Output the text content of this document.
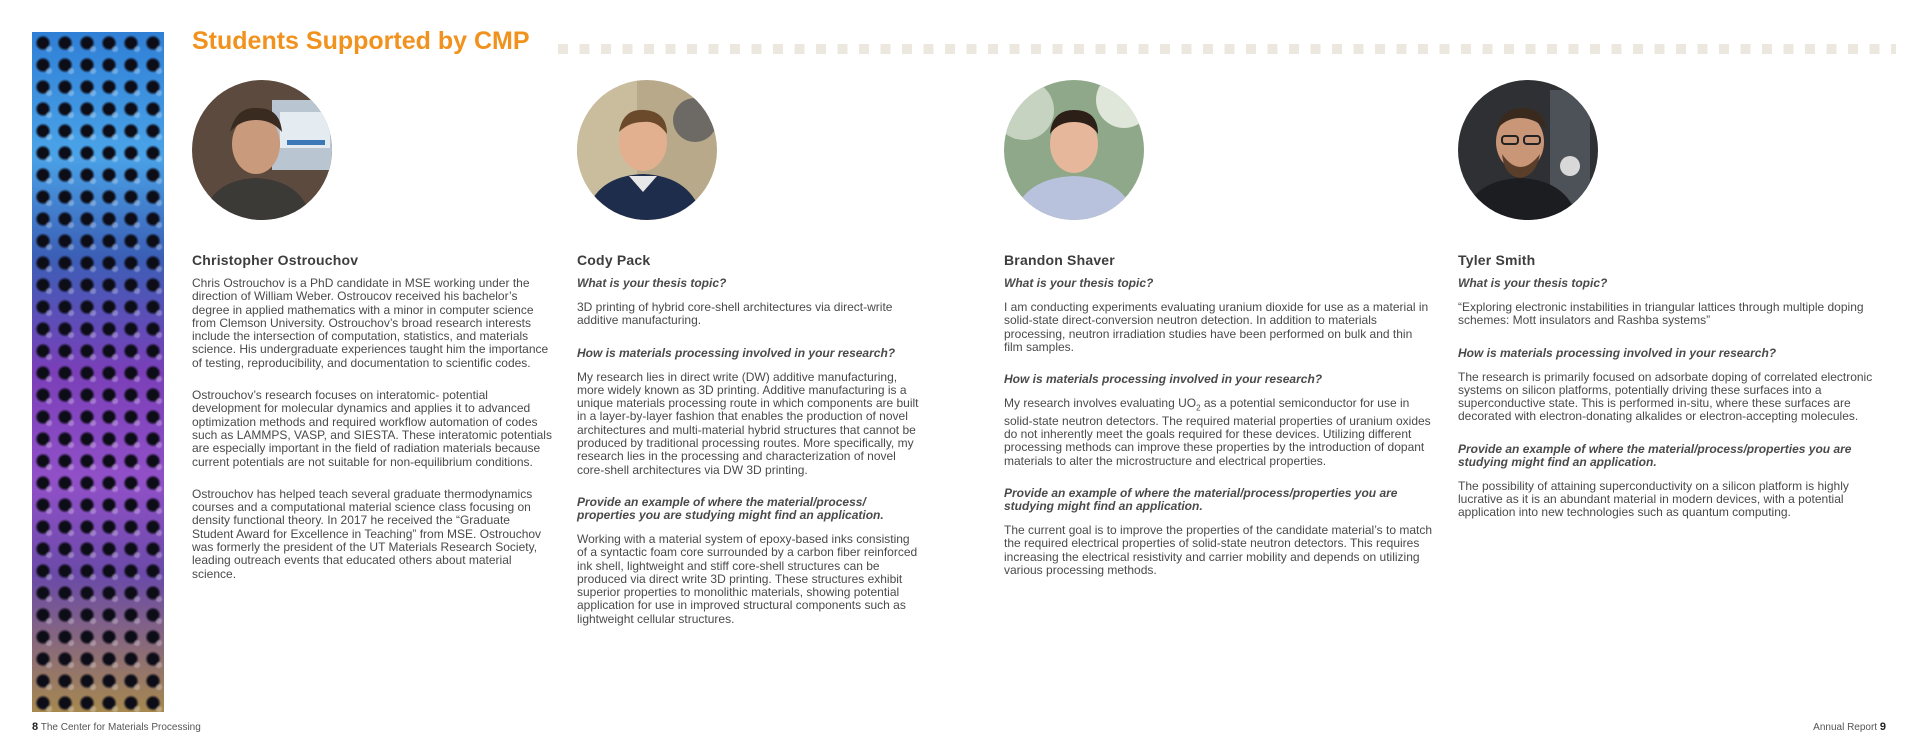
Students Supported by CMP
Christopher Ostrouchov

Chris Ostrouchov is a PhD candidate in MSE working under the direction of William Weber. Ostroucov received his bachelor’s degree in applied mathematics with a minor in computer science from Clemson University. Ostrouchov’s broad research interests include the intersection of computation, statistics, and materials science. His undergraduate experiences taught him the importance of testing, reproducibility, and documentation to scientific codes.

Ostrouchov’s research focuses on interatomic- potential development for molecular dynamics and applies it to advanced optimization methods and required workflow automation of codes such as LAMMPS, VASP, and SIESTA. These interatomic potentials are especially important in the field of radiation materials because current potentials are not suitable for non-equilibrium conditions.

Ostrouchov has helped teach several graduate thermodynamics courses and a computational material science class focusing on density functional theory. In 2017 he received the “Graduate Student Award for Excellence in Teaching” from MSE. Ostrouchov was formerly the president of the UT Materials Research Society, leading outreach events that educated others about material science.

Cody Pack
What is your thesis topic?

3D printing of hybrid core-shell architectures via direct-write additive manufacturing.

How is materials processing involved in your research?

My research lies in direct write (DW) additive manufacturing, more widely known as 3D printing. Additive manufacturing is a unique materials processing route in which components are built in a layer-by-layer fashion that enables the production of novel architectures and multi-material hybrid structures that cannot be produced by traditional processing routes. More specifically, my research lies in the processing and characterization of novel core-shell architectures via DW 3D printing.

Provide an example of where the material/process/ properties you are studying might find an application.

Working with a material system of epoxy-based inks consisting of a syntactic foam core surrounded by a carbon fiber reinforced ink shell, lightweight and stiff core-shell structures can be produced via direct write 3D printing. These structures exhibit superior properties to monolithic materials, showing potential application for use in improved structural components such as lightweight cellular structures.

Brandon Shaver
What is your thesis topic?

I am conducting experiments evaluating uranium dioxide for use as a material in solid-state direct-conversion neutron detection. In addition to materials processing, neutron irradiation studies have been performed on bulk and thin film samples.

How is materials processing involved in your research?

My research involves evaluating $UO_2$ as a potential semiconductor for use in solid-state neutron detectors. The required material properties of uranium oxides do not inherently meet the goals required for these devices. Utilizing different processing methods can improve these properties by the introduction of dopant materials to alter the microstructure and electrical properties.

Provide an example of where the material/process/properties you are studying might find an application.

The current goal is to improve the properties of the candidate material’s to match the required electrical properties of solid-state neutron detectors. This requires increasing the electrical resistivity and carrier mobility and depends on utilizing various processing methods.

Tyler Smith
What is your thesis topic?

“Exploring electronic instabilities in triangular lattices through multiple doping schemes: Mott insulators and Rashba systems”

How is materials processing involved in your research?

The research is primarily focused on adsorbate doping of correlated electronic systems on silicon platforms, potentially driving these surfaces into a superconductive state. This is performed in-situ, where these surfaces are decorated with electron-donating alkalides or electron-accepting molecules.

Provide an example of where the material/process/properties you are studying might find an application.

The possibility of attaining superconductivity on a silicon platform is highly lucrative as it is an abundant material in modern devices, with a potential application into new technologies such as quantum computing.

8 The Center for Materials Processing	Annual Report 9
